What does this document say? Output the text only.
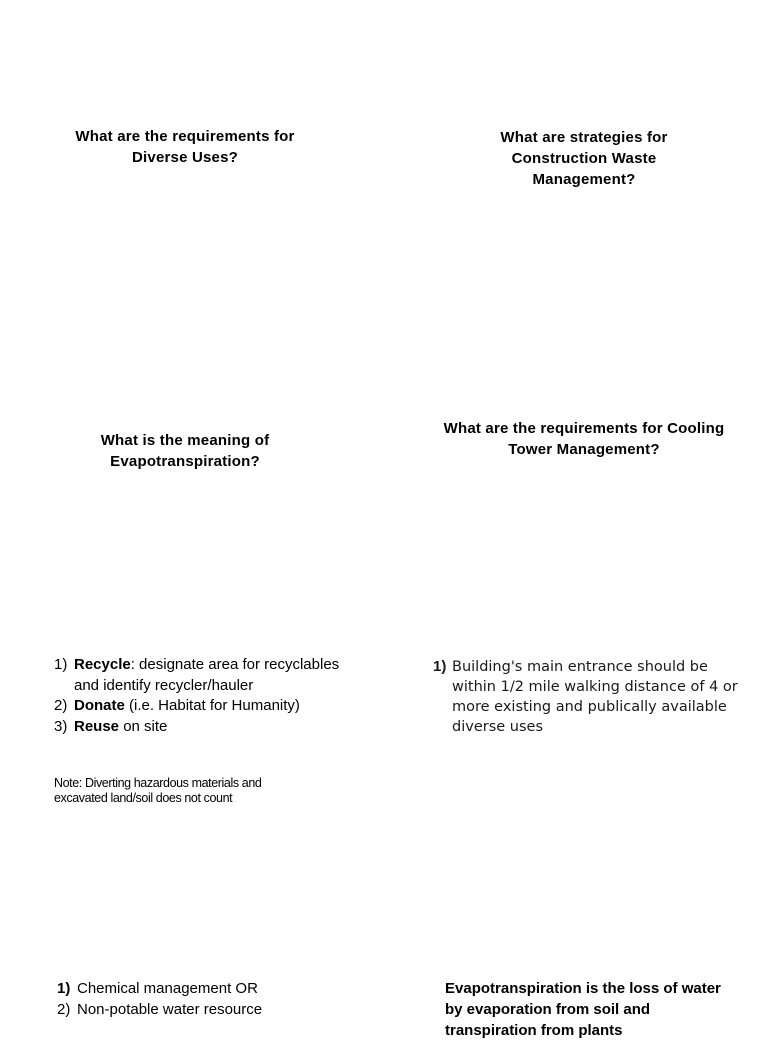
What are the requirements for Diverse Uses?
What are strategies for Construction Waste Management?
What is the meaning of Evapotranspiration?
What are the requirements for Cooling Tower Management?
1) Recycle: designate area for recyclables and identify recycler/hauler
2) Donate (i.e. Habitat for Humanity)
3) Reuse on site
Note: Diverting hazardous materials and excavated land/soil does not count
1) Building's main entrance should be within 1/2 mile walking distance of 4 or more existing and publically available diverse uses
1) Chemical management OR
2) Non-potable water resource
Evapotranspiration is the loss of water by evaporation from soil and transpiration from plants
